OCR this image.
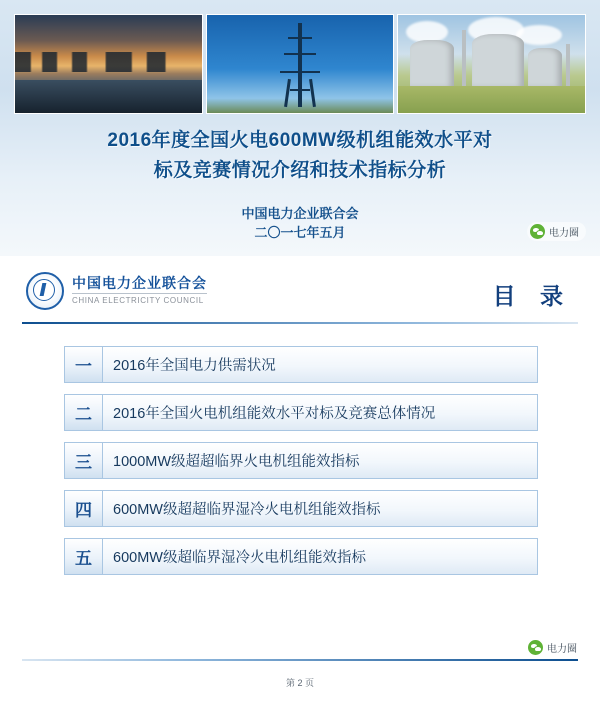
2016年度全国火电600MW级机组能效水平对
标及竞赛情况介绍和技术指标分析
中国电力企业联合会
二〇一七年五月	电力圈
中国电力企业联合会
CHINA ELECTRICITY COUNCIL	目 录
一	2016年全国电力供需状况
二	2016年全国火电机组能效水平对标及竞赛总体情况
三	1000MW级超超临界火电机组能效指标
四	600MW级超超临界湿冷火电机组能效指标
五	600MW级超临界湿冷火电机组能效指标
电力圈
第 2 页
